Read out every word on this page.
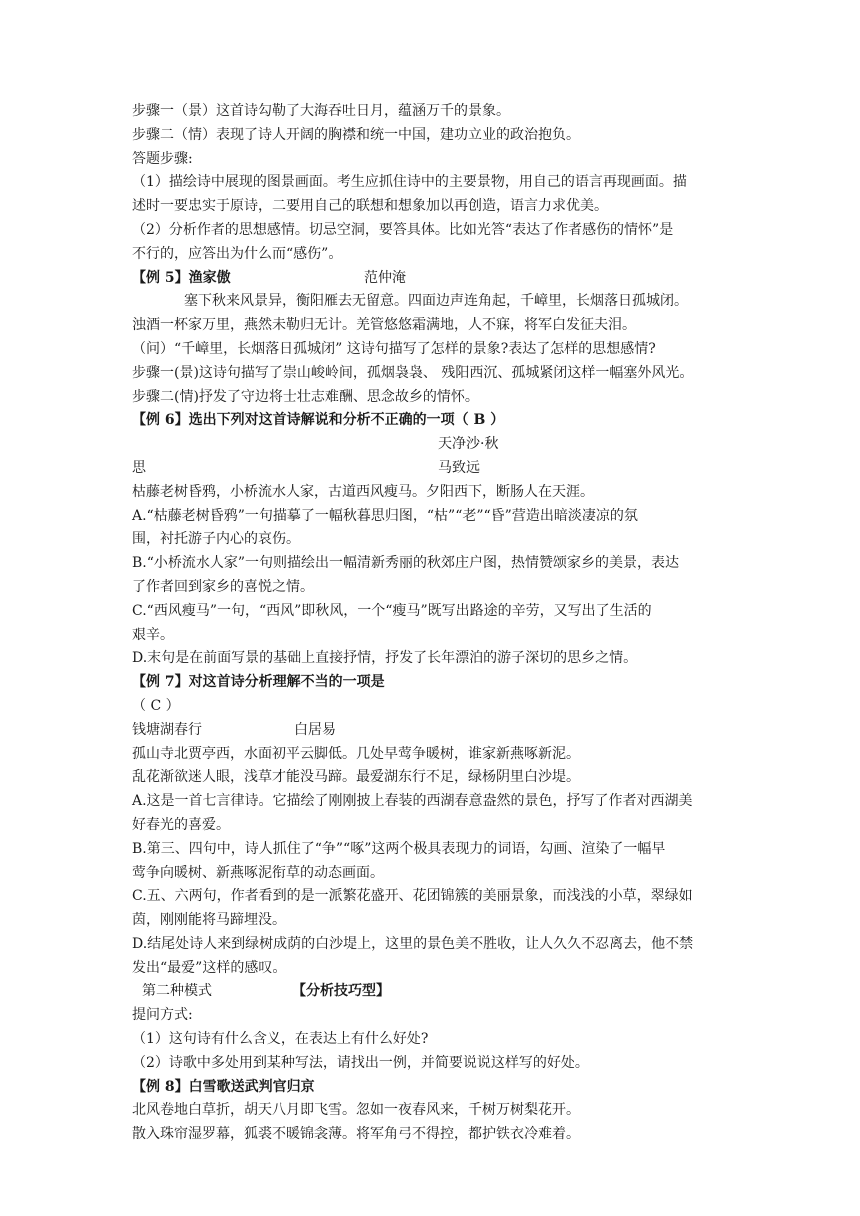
步骤一（景）这首诗勾勒了大海吞吐日月，蕴涵万千的景象。
步骤二（情）表现了诗人开阔的胸襟和统一中国，建功立业的政治抱负。
答题步骤:
（1）描绘诗中展现的图景画面。考生应抓住诗中的主要景物，用自己的语言再现画面。描
述时一要忠实于原诗，二要用自己的联想和想象加以再创造，语言力求优美。
（2）分析作者的思想感情。切忌空洞，要答具体。比如光答“表达了作者感伤的情怀”是
不行的，应答出为什么而“感伤”。
【例 5】渔家傲	范仲淹
塞下秋来风景异，衡阳雁去无留意。四面边声连角起，千嶂里，长烟落日孤城闭。
浊酒一杯家万里，燕然未勒归无计。羌管悠悠霜满地，人不寐，将军白发征夫泪。
（问）“千嶂里，长烟落日孤城闭” 这诗句描写了怎样的景象?表达了怎样的思想感情?
步骤一(景)这诗句描写了崇山峻岭间，孤烟袅袅、 残阳西沉、孤城紧闭这样一幅塞外风光。
步骤二(情)抒发了守边将士壮志难酬、思念故乡的情怀。
【例 6】选出下列对这首诗解说和分析不正确的一项（ B ）
天净沙·秋
思	马致远
枯藤老树昏鸦，小桥流水人家，古道西风瘦马。夕阳西下，断肠人在天涯。
A.“枯藤老树昏鸦”一句描摹了一幅秋暮思归图，“枯”“老”“昏”营造出暗淡凄凉的氛
围，衬托游子内心的哀伤。
B.“小桥流水人家”一句则描绘出一幅清新秀丽的秋郊庄户图，热情赞颂家乡的美景，表达
了作者回到家乡的喜悦之情。
C.“西风瘦马”一句，“西风”即秋风，一个“瘦马”既写出路途的辛劳，又写出了生活的
艰辛。
D.末句是在前面写景的基础上直接抒情，抒发了长年漂泊的游子深切的思乡之情。
【例 7】对这首诗分析理解不当的一项是
（ C ）
钱塘湖春行	白居易
孤山寺北贾亭西，水面初平云脚低。几处早莺争暖树，谁家新燕啄新泥。
乱花渐欲迷人眼，浅草才能没马蹄。最爱湖东行不足，绿杨阴里白沙堤。
A.这是一首七言律诗。它描绘了刚刚披上春装的西湖春意盎然的景色，抒写了作者对西湖美
好春光的喜爱。
B.第三、四句中，诗人抓住了“争”“啄”这两个极具表现力的词语，勾画、渲染了一幅早
莺争向暖树、新燕啄泥衔草的动态画面。
C.五、六两句，作者看到的是一派繁花盛开、花团锦簇的美丽景象，而浅浅的小草，翠绿如
茵，刚刚能将马蹄埋没。
D.结尾处诗人来到绿树成荫的白沙堤上，这里的景色美不胜收，让人久久不忍离去，他不禁
发出“最爱”这样的感叹。
第二种模式	【分析技巧型】
提问方式:
（1）这句诗有什么含义，在表达上有什么好处?
（2）诗歌中多处用到某种写法，请找出一例，并简要说说这样写的好处。
【例 8】白雪歌送武判官归京
北风卷地白草折，胡天八月即飞雪。忽如一夜春风来，千树万树梨花开。
散入珠帘湿罗幕，狐裘不暖锦衾薄。将军角弓不得控，都护铁衣冷难着。
